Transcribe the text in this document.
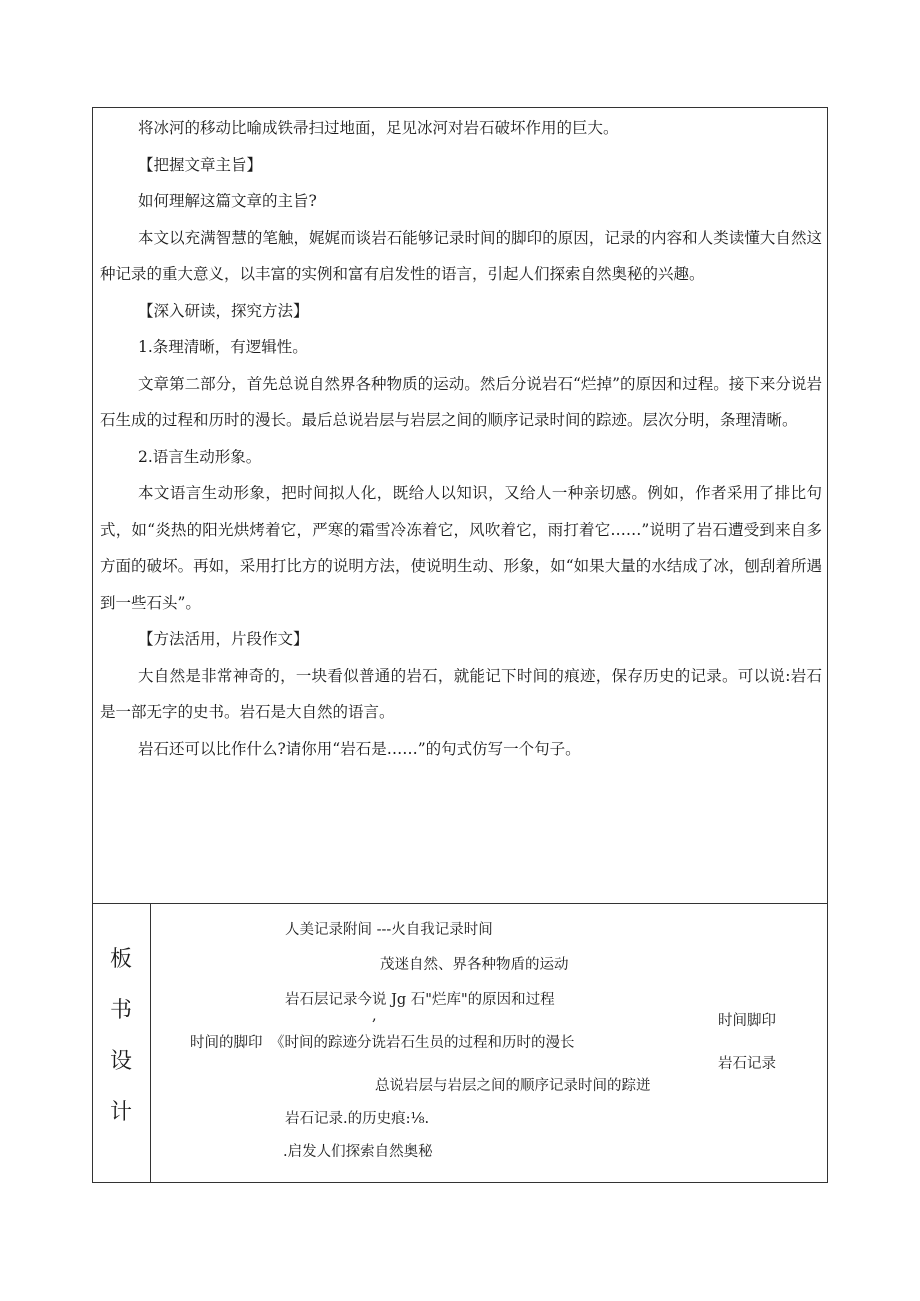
将冰河的移动比喻成铁帚扫过地面，足见冰河对岩石破坏作用的巨大。

【把握文章主旨】

如何理解这篇文章的主旨?

本文以充满智慧的笔触，娓娓而谈岩石能够记录时间的脚印的原因，记录的内容和人类读懂大自然这种记录的重大意义，以丰富的实例和富有启发性的语言，引起人们探索自然奥秘的兴趣。

【深入研读，探究方法】

1.条理清晰，有逻辑性。

文章第二部分，首先总说自然界各种物质的运动。然后分说岩石“烂掉”的原因和过程。接下来分说岩石生成的过程和历时的漫长。最后总说岩层与岩层之间的顺序记录时间的踪迹。层次分明，条理清晰。

2.语言生动形象。

本文语言生动形象，把时间拟人化，既给人以知识，又给人一种亲切感。例如，作者采用了排比句式，如“炎热的阳光烘烤着它，严寒的霜雪冷冻着它，风吹着它，雨打着它……”说明了岩石遭受到来自多方面的破坏。再如，采用打比方的说明方法，使说明生动、形象，如“如果大量的水结成了冰，刨刮着所遇到一些石头”。

【方法活用，片段作文】

大自然是非常神奇的，一块看似普通的岩石，就能记下时间的痕迹，保存历史的记录。可以说:岩石是一部无字的史书。岩石是大自然的语言。

岩石还可以比作什么?请你用“岩石是……”的句式仿写一个句子。

板
书
设
计
人美记录附间 ---火自我记录时间
茂迷自然、界各种物盾的运动
岩石层记录今说 Jg 石"烂库"的原因和过程
,
时间的脚印 《时间的踪迹分诜岩石生员的过程和历时的漫长
时间脚印
岩石记录
总说岩层与岩层之间的顺序记录时间的踪迸
岩石记录.的历史痕:⅛.
.启发人们探索自然奥秘
